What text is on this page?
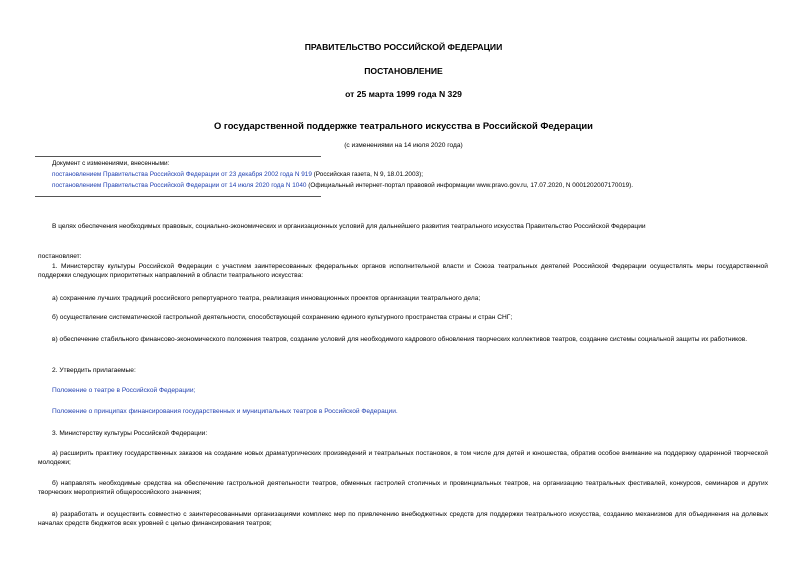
ПРАВИТЕЛЬСТВО РОССИЙСКОЙ ФЕДЕРАЦИИ
ПОСТАНОВЛЕНИЕ
от 25 марта 1999 года N 329
О государственной поддержке театрального искусства в Российской Федерации
(с изменениями на 14 июля 2020 года)

Документ с изменениями, внесенными:

постановлением Правительства Российской Федерации от 23 декабря 2002 года N 919 (Российская газета, N 9, 18.01.2003);

постановлением Правительства Российской Федерации от 14 июля 2020 года N 1040 (Официальный интернет-портал правовой информации www.pravo.gov.ru, 17.07.2020, N 0001202007170019).

В целях обеспечения необходимых правовых, социально-экономических и организационных условий для дальнейшего развития театрального искусства Правительство Российской Федерации

постановляет:

1. Министерству культуры Российской Федерации с участием заинтересованных федеральных органов исполнительной власти и Союза театральных деятелей Российской Федерации осуществлять меры государственной поддержки следующих приоритетных направлений в области театрального искусства:

а) сохранение лучших традиций российского репертуарного театра, реализация инновационных проектов организации театрального дела;

б) осуществление систематической гастрольной деятельности, способствующей сохранению единого культурного пространства страны и стран СНГ;

в) обеспечение стабильного финансово-экономического положения театров, создание условий для необходимого кадрового обновления творческих коллективов театров, создание системы социальной защиты их работников.

2. Утвердить прилагаемые:

Положение о театре в Российской Федерации;

Положение о принципах финансирования государственных и муниципальных театров в Российской Федерации.

3. Министерству культуры Российской Федерации:

а) расширить практику государственных заказов на создание новых драматургических произведений и театральных постановок, в том числе для детей и юношества, обратив особое внимание на поддержку одаренной творческой молодежи;

б) направлять необходимые средства на обеспечение гастрольной деятельности театров, обменных гастролей столичных и провинциальных театров, на организацию театральных фестивалей, конкурсов, семинаров и других творческих мероприятий общероссийского значения;

в) разработать и осуществить совместно с заинтересованными организациями комплекс мер по привлечению внебюджетных средств для поддержки театрального искусства, созданию механизмов для объединения на долевых началах средств бюджетов всех уровней с целью финансирования театров;
